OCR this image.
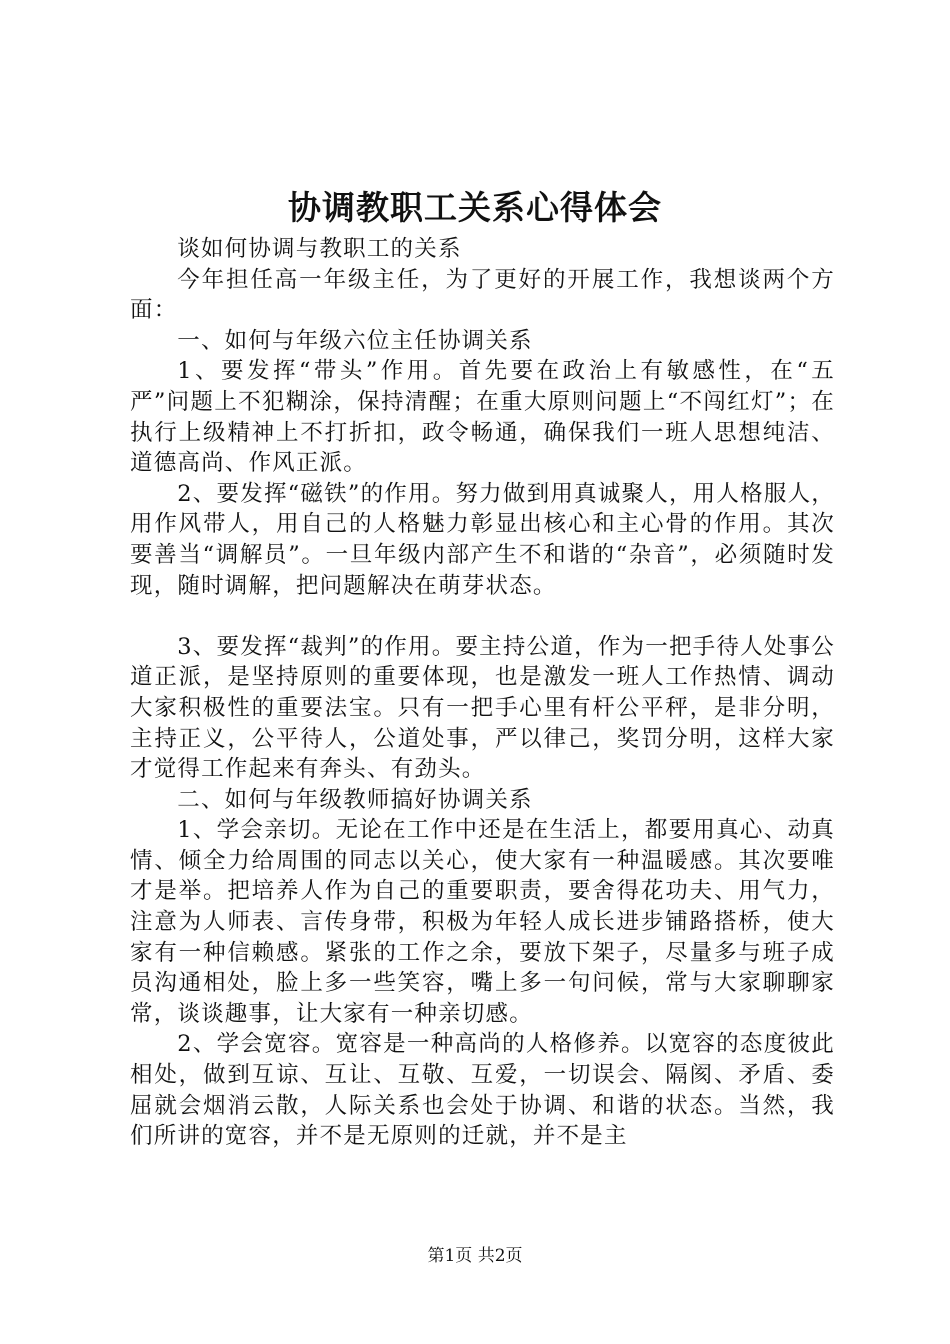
协调教职工关系心得体会

谈如何协调与教职工的关系

今年担任高一年级主任，为了更好的开展工作，我想谈两个方面：

一、如何与年级六位主任协调关系

1、要发挥“带头”作用。首先要在政治上有敏感性，在“五严”问题上不犯糊涂，保持清醒；在重大原则问题上“不闯红灯”；在执行上级精神上不打折扣，政令畅通，确保我们一班人思想纯洁、道德高尚、作风正派。

2、要发挥“磁铁”的作用。努力做到用真诚聚人，用人格服人，用作风带人，用自己的人格魅力彰显出核心和主心骨的作用。其次要善当“调解员”。一旦年级内部产生不和谐的“杂音”，必须随时发现，随时调解，把问题解决在萌芽状态。

3、要发挥“裁判”的作用。要主持公道，作为一把手待人处事公道正派，是坚持原则的重要体现，也是激发一班人工作热情、调动大家积极性的重要法宝。只有一把手心里有杆公平秤，是非分明，主持正义，公平待人，公道处事，严以律己，奖罚分明，这样大家才觉得工作起来有奔头、有劲头。

二、如何与年级教师搞好协调关系

1、学会亲切。无论在工作中还是在生活上，都要用真心、动真情、倾全力给周围的同志以关心，使大家有一种温暖感。其次要唯才是举。把培养人作为自己的重要职责，要舍得花功夫、用气力，注意为人师表、言传身带，积极为年轻人成长进步铺路搭桥，使大家有一种信赖感。紧张的工作之余，要放下架子，尽量多与班子成员沟通相处，脸上多一些笑容，嘴上多一句问候，常与大家聊聊家常，谈谈趣事，让大家有一种亲切感。

2、学会宽容。宽容是一种高尚的人格修养。以宽容的态度彼此相处，做到互谅、互让、互敬、互爱，一切误会、隔阂、矛盾、委屈就会烟消云散，人际关系也会处于协调、和谐的状态。当然，我们所讲的宽容，并不是无原则的迁就，并不是主

第1页 共2页
